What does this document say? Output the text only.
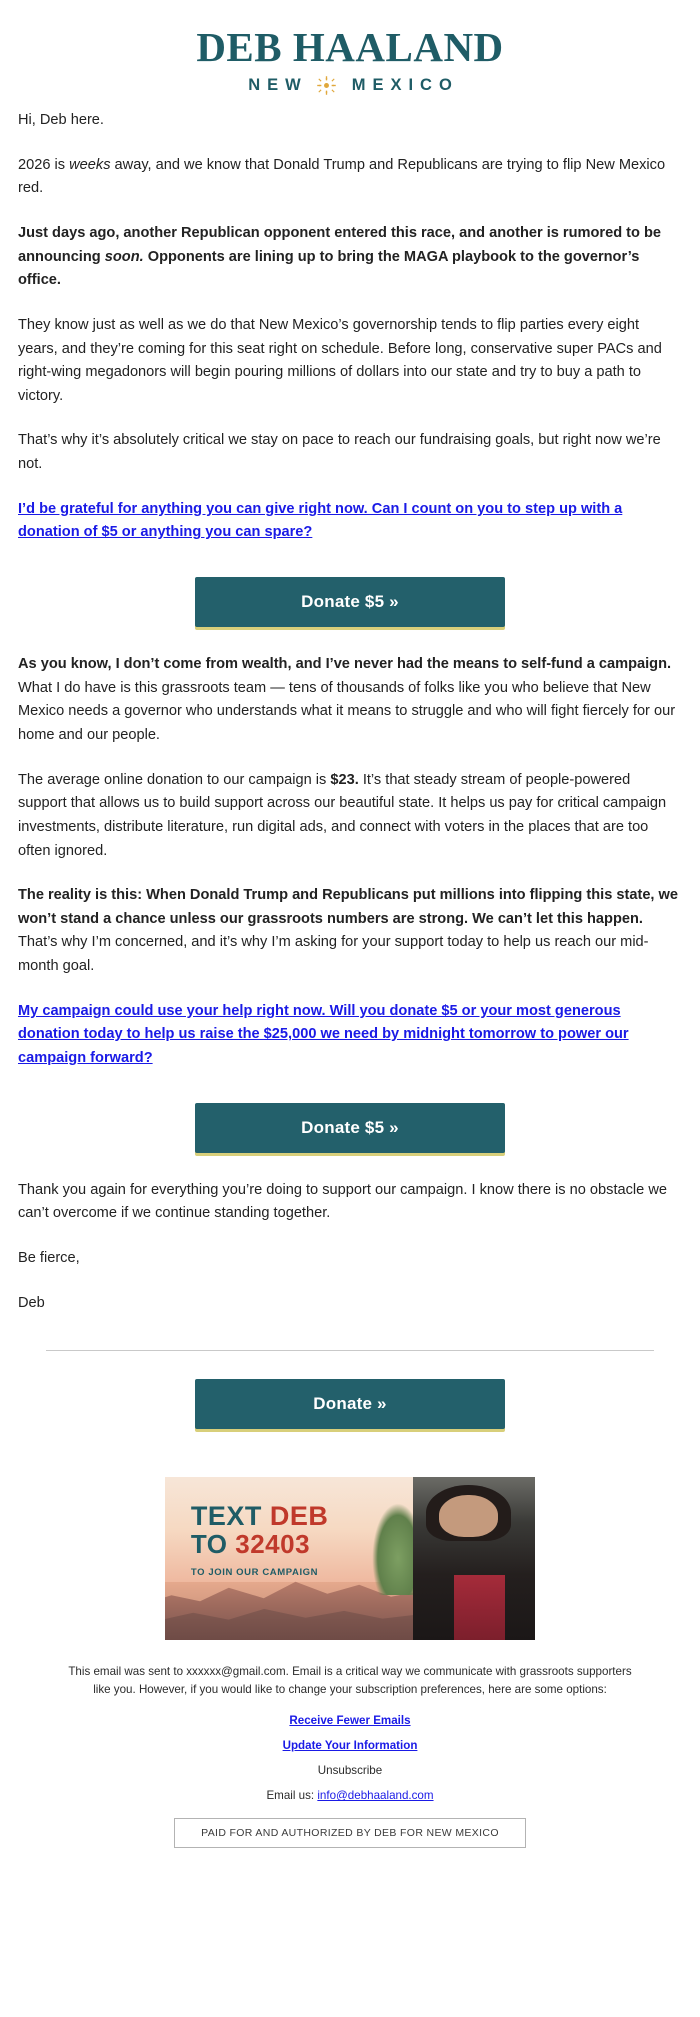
DEB HAALAND
NEW	MEXICO

Hi, Deb here.

2026 is weeks away, and we know that Donald Trump and Republicans are trying to flip New Mexico red.

Just days ago, another Republican opponent entered this race, and another is rumored to be announcing soon. Opponents are lining up to bring the MAGA playbook to the governor’s office.

They know just as well as we do that New Mexico’s governorship tends to flip parties every eight years, and they’re coming for this seat right on schedule. Before long, conservative super PACs and right-wing megadonors will begin pouring millions of dollars into our state and try to buy a path to victory.

That’s why it’s absolutely critical we stay on pace to reach our fundraising goals, but right now we’re not.

I’d be grateful for anything you can give right now. Can I count on you to step up with a donation of $5 or anything you can spare?

Donate $5 »

As you know, I don’t come from wealth, and I’ve never had the means to self-fund a campaign. What I do have is this grassroots team — tens of thousands of folks like you who believe that New Mexico needs a governor who understands what it means to struggle and who will fight fiercely for our home and our people.

The average online donation to our campaign is $23. It’s that steady stream of people-powered support that allows us to build support across our beautiful state. It helps us pay for critical campaign investments, distribute literature, run digital ads, and connect with voters in the places that are too often ignored.

The reality is this: When Donald Trump and Republicans put millions into flipping this state, we won’t stand a chance unless our grassroots numbers are strong. We can’t let this happen. That’s why I’m concerned, and it’s why I’m asking for your support today to help us reach our mid-month goal.

My campaign could use your help right now. Will you donate $5 or your most generous donation today to help us raise the $25,000 we need by midnight tomorrow to power our campaign forward?

Donate $5 »

Thank you again for everything you’re doing to support our campaign. I know there is no obstacle we can’t overcome if we continue standing together.

Be fierce,

Deb

Donate »
TEXT DEB
TO 32403
TO JOIN OUR CAMPAIGN

This email was sent to xxxxxx@gmail.com. Email is a critical way we communicate with grassroots supporters like you. However, if you would like to change your subscription preferences, here are some options:

Receive Fewer Emails
Update Your Information

Unsubscribe

Email us: info@debhaaland.com

PAID FOR AND AUTHORIZED BY DEB FOR NEW MEXICO
